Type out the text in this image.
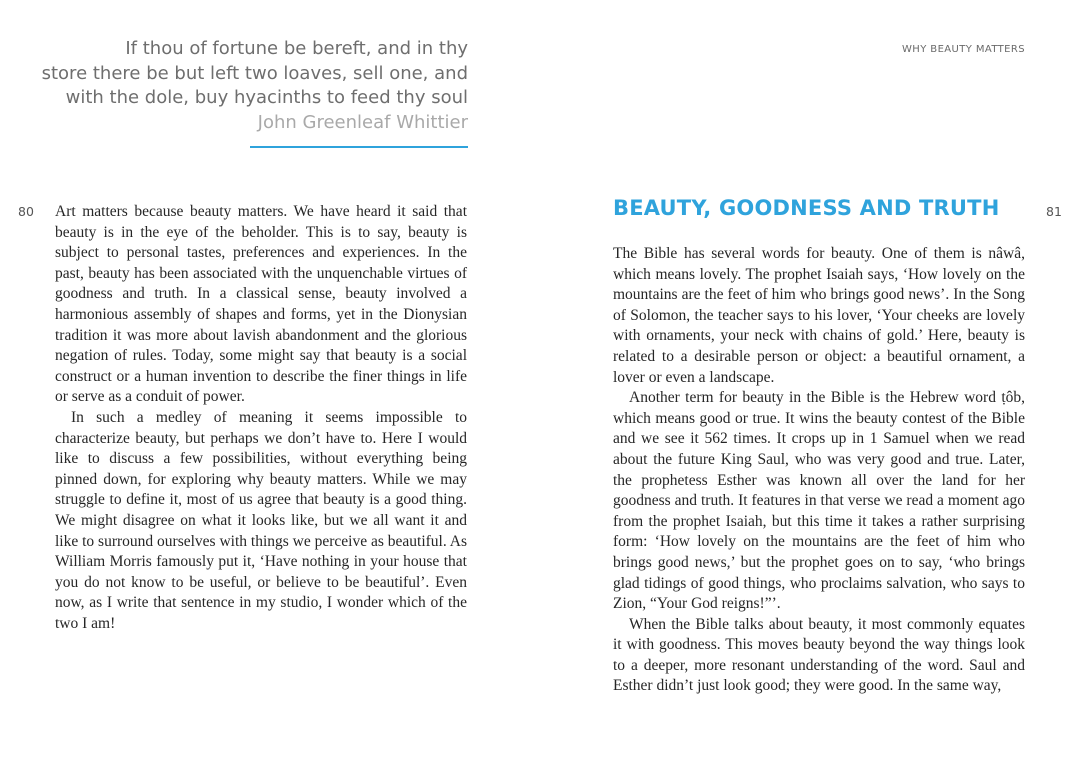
If thou of fortune be bereft, and in thy
store there be but left two loaves, sell one, and
with the dole, buy hyacinths to feed thy soul
John Greenleaf Whittier
80 Art matters because beauty matters. We have heard it said that beauty is in the eye of the beholder. This is to say, beauty is subject to personal tastes, preferences and experiences. In the past, beauty has been associated with the unquenchable virtues of goodness and truth. In a classical sense, beauty involved a harmonious assembly of shapes and forms, yet in the Dionysian tradition it was more about lavish abandonment and the glorious negation of rules. Today, some might say that beauty is a social construct or a human invention to describe the finer things in life or serve as a conduit of power.

In such a medley of meaning it seems impossible to characterize beauty, but perhaps we don’t have to. Here I would like to discuss a few possibilities, without everything being pinned down, for exploring why beauty matters. While we may struggle to define it, most of us agree that beauty is a good thing. We might disagree on what it looks like, but we all want it and like to surround ourselves with things we perceive as beautiful. As William Morris famously put it, ‘Have nothing in your house that you do not know to be useful, or believe to be beautiful’. Even now, as I write that sentence in my studio, I wonder which of the two I am!

WHY BEAUTY MATTERS
BEAUTY, GOODNESS AND TRUTH	81

The Bible has several words for beauty. One of them is nâwâ, which means lovely. The prophet Isaiah says, ‘How lovely on the mountains are the feet of him who brings good news’. In the Song of Solomon, the teacher says to his lover, ‘Your cheeks are lovely with ornaments, your neck with chains of gold.’ Here, beauty is related to a desirable person or object: a beautiful ornament, a lover or even a landscape.

Another term for beauty in the Bible is the Hebrew word ṭôb, which means good or true. It wins the beauty contest of the Bible and we see it 562 times. It crops up in 1 Samuel when we read about the future King Saul, who was very good and true. Later, the prophetess Esther was known all over the land for her goodness and truth. It features in that verse we read a moment ago from the prophet Isaiah, but this time it takes a rather surprising form: ‘How lovely on the mountains are the feet of him who brings good news,’ but the prophet goes on to say, ‘who brings glad tidings of good things, who proclaims salvation, who says to Zion, “Your God reigns!”’.

When the Bible talks about beauty, it most commonly equates it with goodness. This moves beauty beyond the way things look to a deeper, more resonant understanding of the word. Saul and Esther didn’t just look good; they were good. In the same way,
